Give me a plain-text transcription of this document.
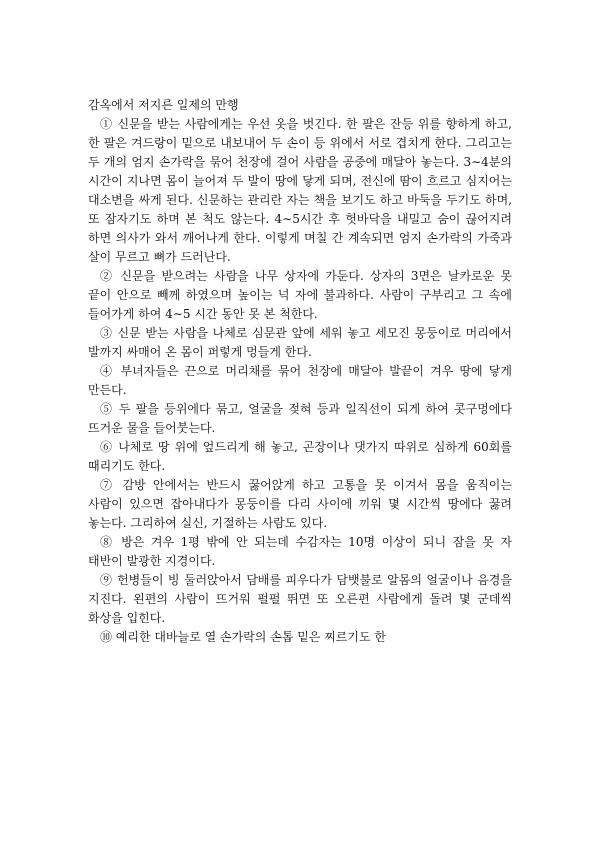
감옥에서 저지른 일제의 만행

① 신문을 받는 사람에게는 우선 옷을 벗긴다. 한 팔은 잔등 위를 향하게 하고, 한 팔은 겨드랑이 밑으로 내보내어 두 손이 등 위에서 서로 겹치게 한다. 그리고는 두 개의 엄지 손가락을 묶어 천장에 걸어 사람을 공중에 매달아 놓는다. 3∼4분의 시간이 지나면 몸이 늘어져 두 발이 땅에 닿게 되며, 전신에 땀이 흐르고 심지어는 대소변을 싸게 된다. 신문하는 관리란 자는 책을 보기도 하고 바둑을 두기도 하며, 또 잠자기도 하며 본 척도 않는다. 4∼5시간 후 헛바닥을 내밀고 숨이 끊어지려 하면 의사가 와서 깨어나게 한다. 이렇게 며칠 간 계속되면 엄지 손가락의 가죽과 살이 무르고 뼈가 드러난다.

② 신문을 받으려는 사람을 나무 상자에 가둔다. 상자의 3면은 날카로운 못 끝이 안으로 빼께 하였으며 높이는 넉 자에 불과하다. 사람이 구부리고 그 속에 들어가게 하여 4∼5 시간 동안 못 본 척한다.

③ 신문 받는 사람을 나체로 심문관 앞에 세워 놓고 세모진 몽둥이로 머리에서 발까지 싸매어 온 몸이 퍼렇게 멍들게 한다.

④ 부녀자들은 끈으로 머리채를 묶어 천장에 매달아 발끝이 겨우 땅에 닿게 만든다.

⑤ 두 팔을 등위에다 묶고, 얼굴을 젖혀 등과 일직선이 되게 하여 콧구멍에다 뜨거운 물을 들어붓는다.

⑥ 나체로 땅 위에 엎드리게 해 놓고, 곤장이나 댓가지 따위로 심하게 60회를 때리기도 한다.

⑦ 감방 안에서는 반드시 꿇어앉게 하고 고통을 못 이겨서 몸을 움직이는 사람이 있으면 잡아내다가 몽둥이를 다리 사이에 끼워 몇 시간씩 땅에다 꿇려 놓는다. 그리하여 실신, 기절하는 사람도 있다.

⑧ 방은 겨우 1평 밖에 안 되는데 수감자는 10명 이상이 되니 잠을 못 자 태반이 발광한 지경이다.

⑨ 헌병들이 빙 둘러앉아서 담배를 피우다가 담뱃불로 알몸의 얼굴이나 음경을 지진다. 왼편의 사람이 뜨거워 펄펄 뛰면 또 오른편 사람에게 돌려 몇 군데씩 화상을 입힌다.

⑩ 예리한 대바늘로 열 손가락의 손톱 밑은 찌르기도 한
